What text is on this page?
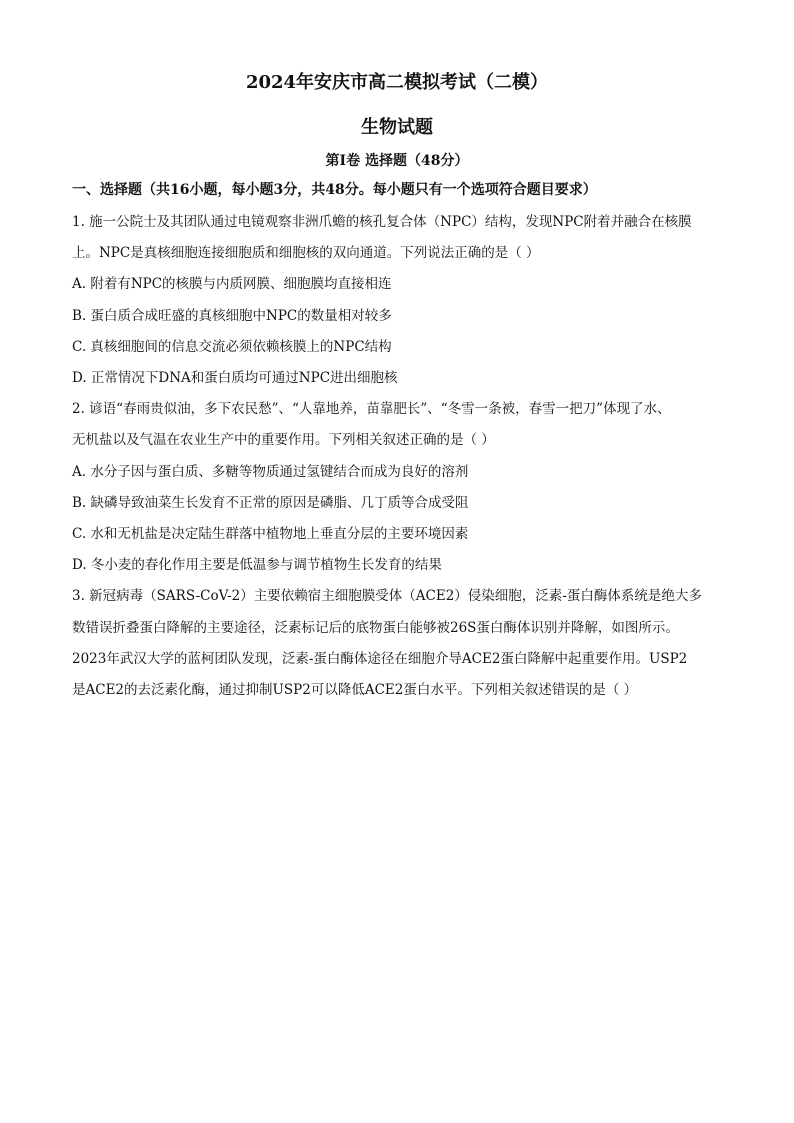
2024年安庆市高二模拟考试（二模）
生物试题
第Ⅰ卷 选择题（48分）
一、选择题（共16小题，每小题3分，共48分。每小题只有一个选项符合题目要求）
1. 施一公院士及其团队通过电镜观察非洲爪蟾的核孔复合体（NPC）结构，发现NPC附着并融合在核膜
上。NPC是真核细胞连接细胞质和细胞核的双向通道。下列说法正确的是（ ）
A. 附着有NPC的核膜与内质网膜、细胞膜均直接相连
B. 蛋白质合成旺盛的真核细胞中NPC的数量相对较多
C. 真核细胞间的信息交流必须依赖核膜上的NPC结构
D. 正常情况下DNA和蛋白质均可通过NPC进出细胞核
2. 谚语“春雨贵似油，多下农民愁”、“人靠地养，苗靠肥长”、“冬雪一条被，春雪一把刀”体现了水、
无机盐以及气温在农业生产中的重要作用。下列相关叙述正确的是（ ）
A. 水分子因与蛋白质、多糖等物质通过氢键结合而成为良好的溶剂
B. 缺磷导致油菜生长发育不正常的原因是磷脂、几丁质等合成受阻
C. 水和无机盐是决定陆生群落中植物地上垂直分层的主要环境因素
D. 冬小麦的春化作用主要是低温参与调节植物生长发育的结果
3. 新冠病毒（SARS-CoV-2）主要依赖宿主细胞膜受体（ACE2）侵染细胞，泛素-蛋白酶体系统是绝大多
数错误折叠蛋白降解的主要途径，泛素标记后的底物蛋白能够被26S蛋白酶体识别并降解，如图所示。
2023年武汉大学的蓝柯团队发现，泛素-蛋白酶体途径在细胞介导ACE2蛋白降解中起重要作用。USP2
是ACE2的去泛素化酶，通过抑制USP2可以降低ACE2蛋白水平。下列相关叙述错误的是（ ）
